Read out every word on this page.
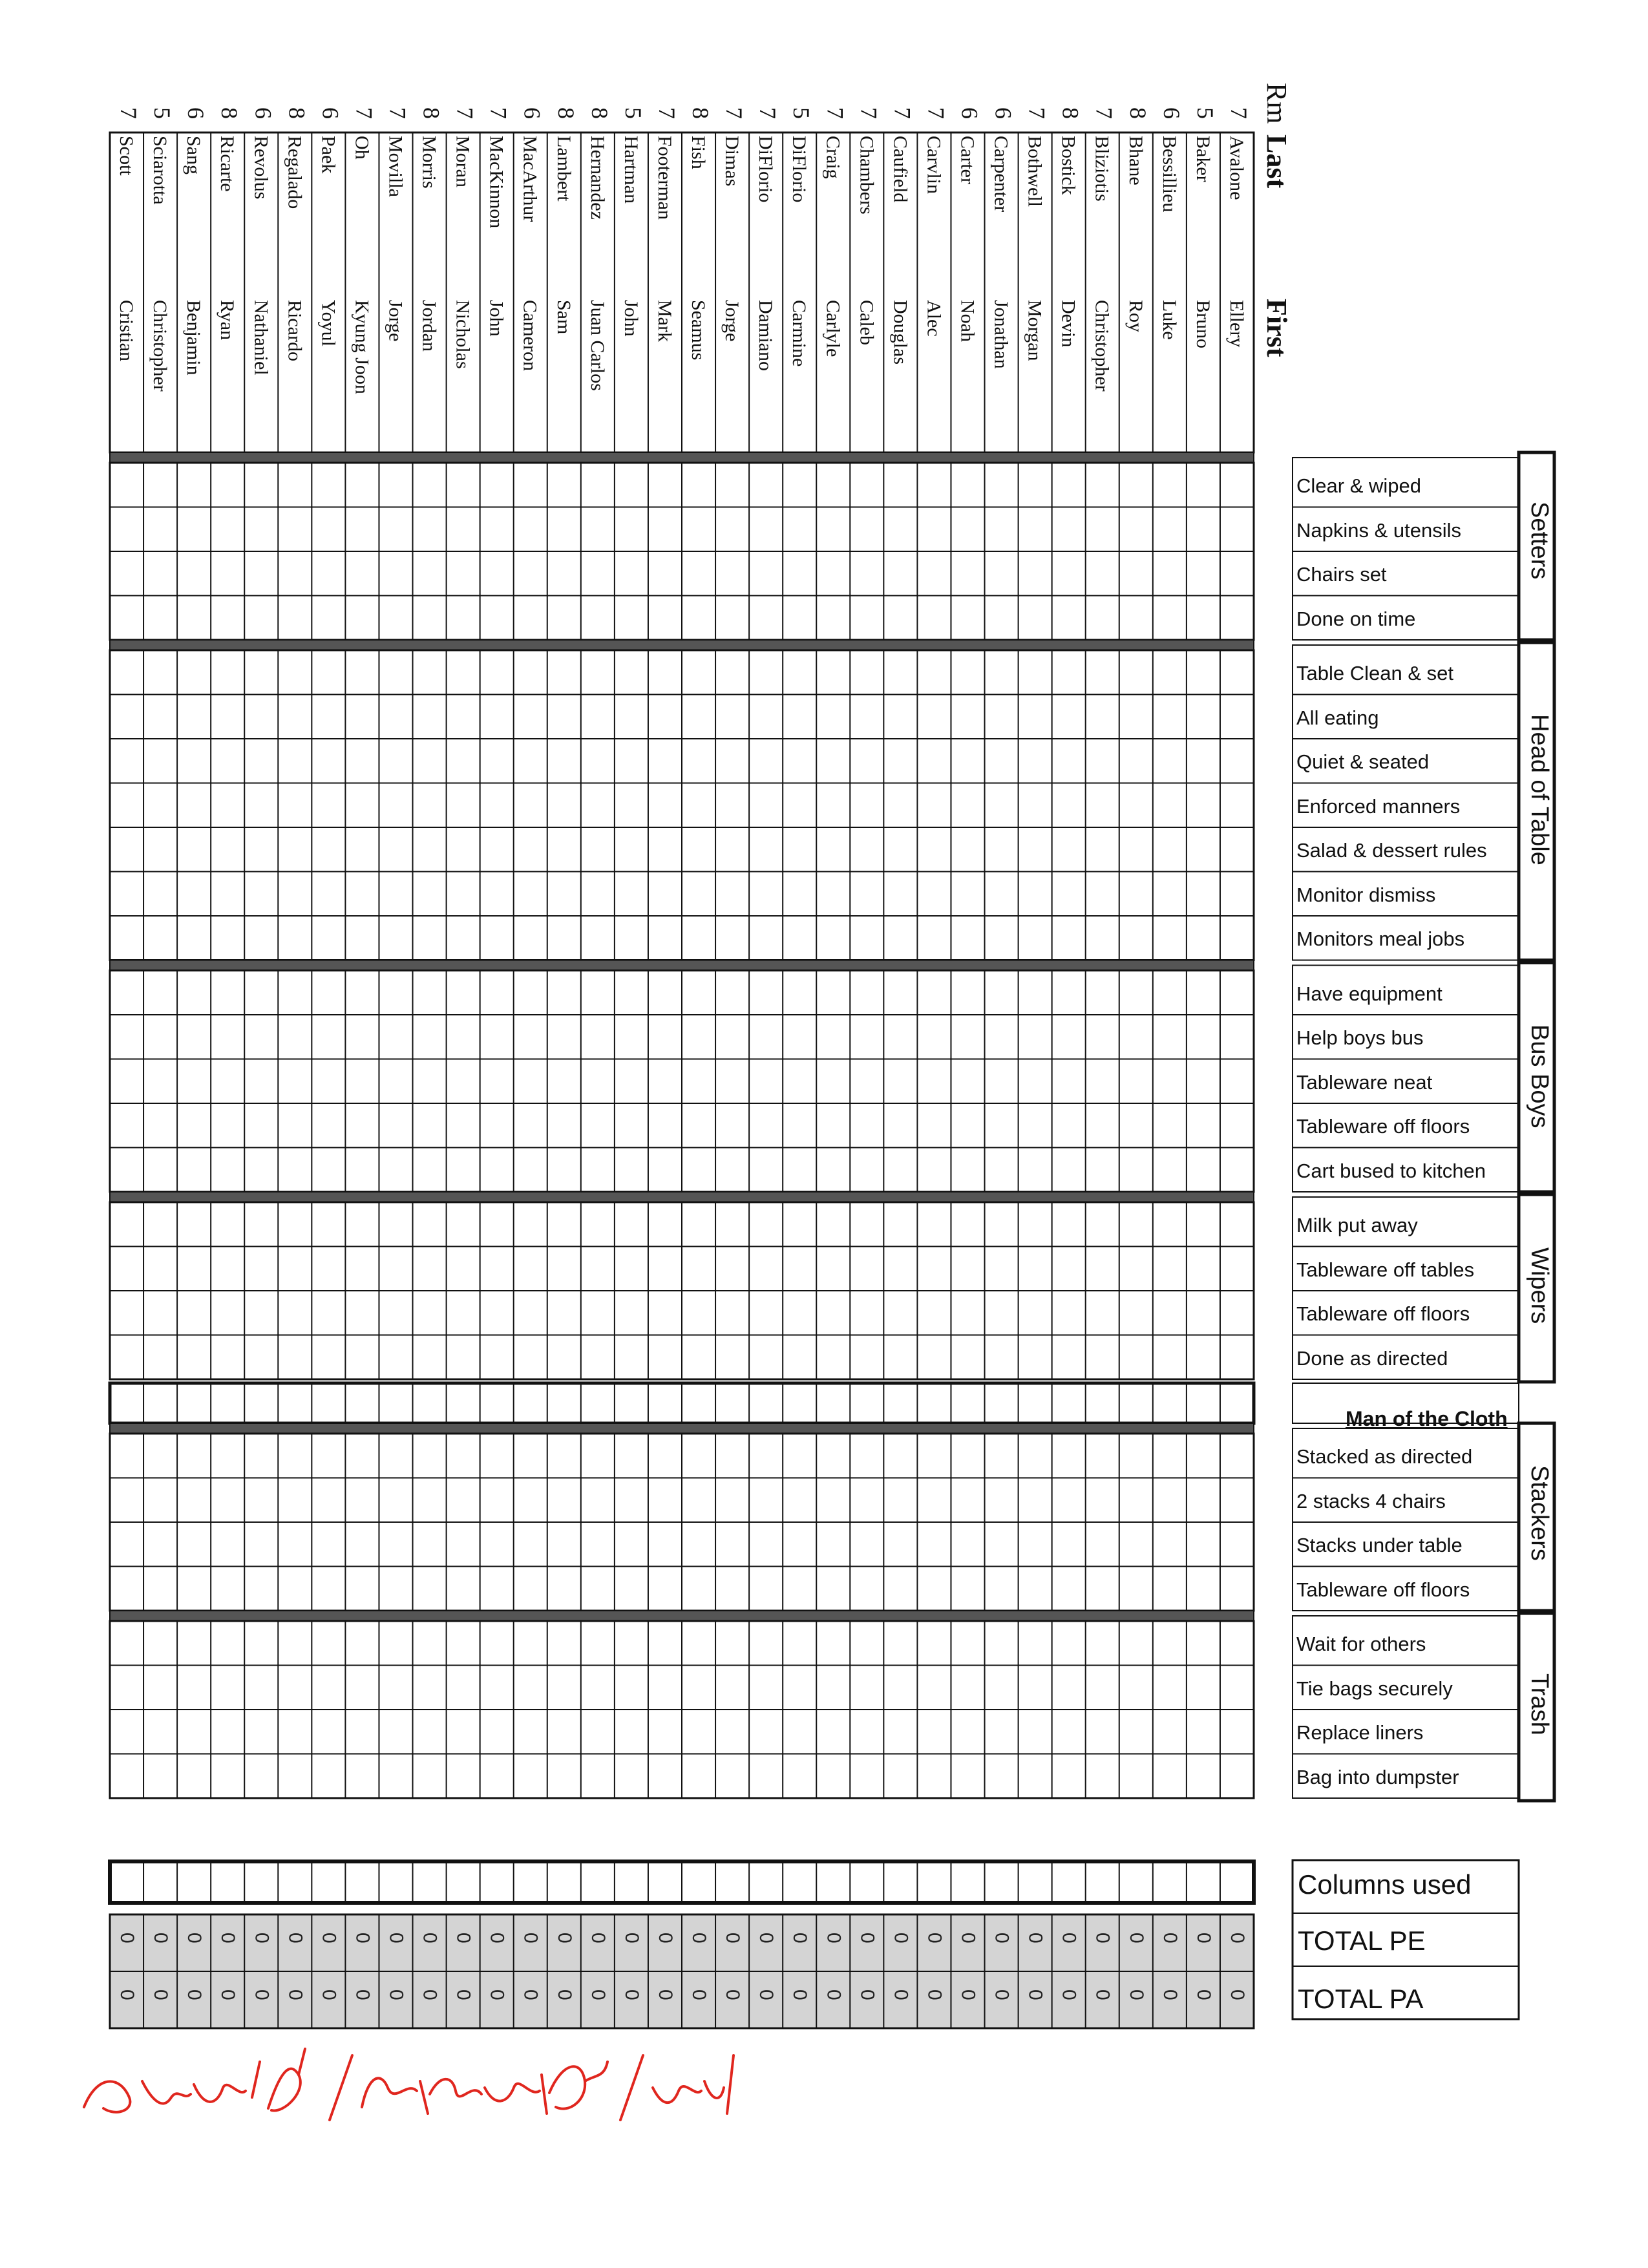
7
Avalone
Ellery
5
Baker
Bruno
6
Bessillieu
Luke
8
Bhane
Roy
7
Bliziotis
Christopher
8
Bostick
Devin
7
Bothwell
Morgan
6
Carpenter
Jonathan
6
Carter
Noah
7
Carvlin
Alec
7
Caufield
Douglas
7
Chambers
Caleb
7
Craig
Carlyle
5
DiFlorio
Carmine
7
DiFlorio
Damiano
7
Dimas
Jorge
8
Fish
Seamus
7
Footerman
Mark
5
Hartman
John
8
Hernandez
Juan Carlos
8
Lambert
Sam
6
MacArthur
Cameron
7
MacKinnon
John
7
Moran
Nicholas
8
Morris
Jordan
7
Movilla
Jorge
7
Oh
Kyung Joon
6
Paek
Yoyul
8
Regalado
Ricardo
6
Revolus
Nathaniel
8
Ricarte
Ryan
6
Sang
Benjamin
5
Sciarotta
Christopher
7
Scott
Cristian
Clear & wiped
Napkins & utensils
Chairs set
Done on time
Setters
Table Clean & set
All eating
Quiet & seated
Enforced manners
Salad & dessert rules
Monitor dismiss
Monitors meal jobs
Head of Table
Have equipment
Help boys bus
Tableware neat
Tableware off floors
Cart bused to kitchen
Bus Boys
Milk put away
Tableware off tables
Tableware off floors
Done as directed
Wipers
Stacked as directed
2 stacks 4 chairs
Stacks under table
Tableware off floors
Stackers
Wait for others
Tie bags securely
Replace liners
Bag into dumpster
Trash
0
0
0
0
0
0
0
0
0
0
0
0
0
0
0
0
0
0
0
0
0
0
0
0
0
0
0
0
0
0
0
0
0
0
0
0
0
0
0
0
0
0
0
0
0
0
0
0
0
0
0
0
0
0
0
0
0
0
0
0
0
0
0
0
0
0
0
0
Rm
Last
First
Man of the Cloth
Columns used
TOTAL PE
TOTAL PA
